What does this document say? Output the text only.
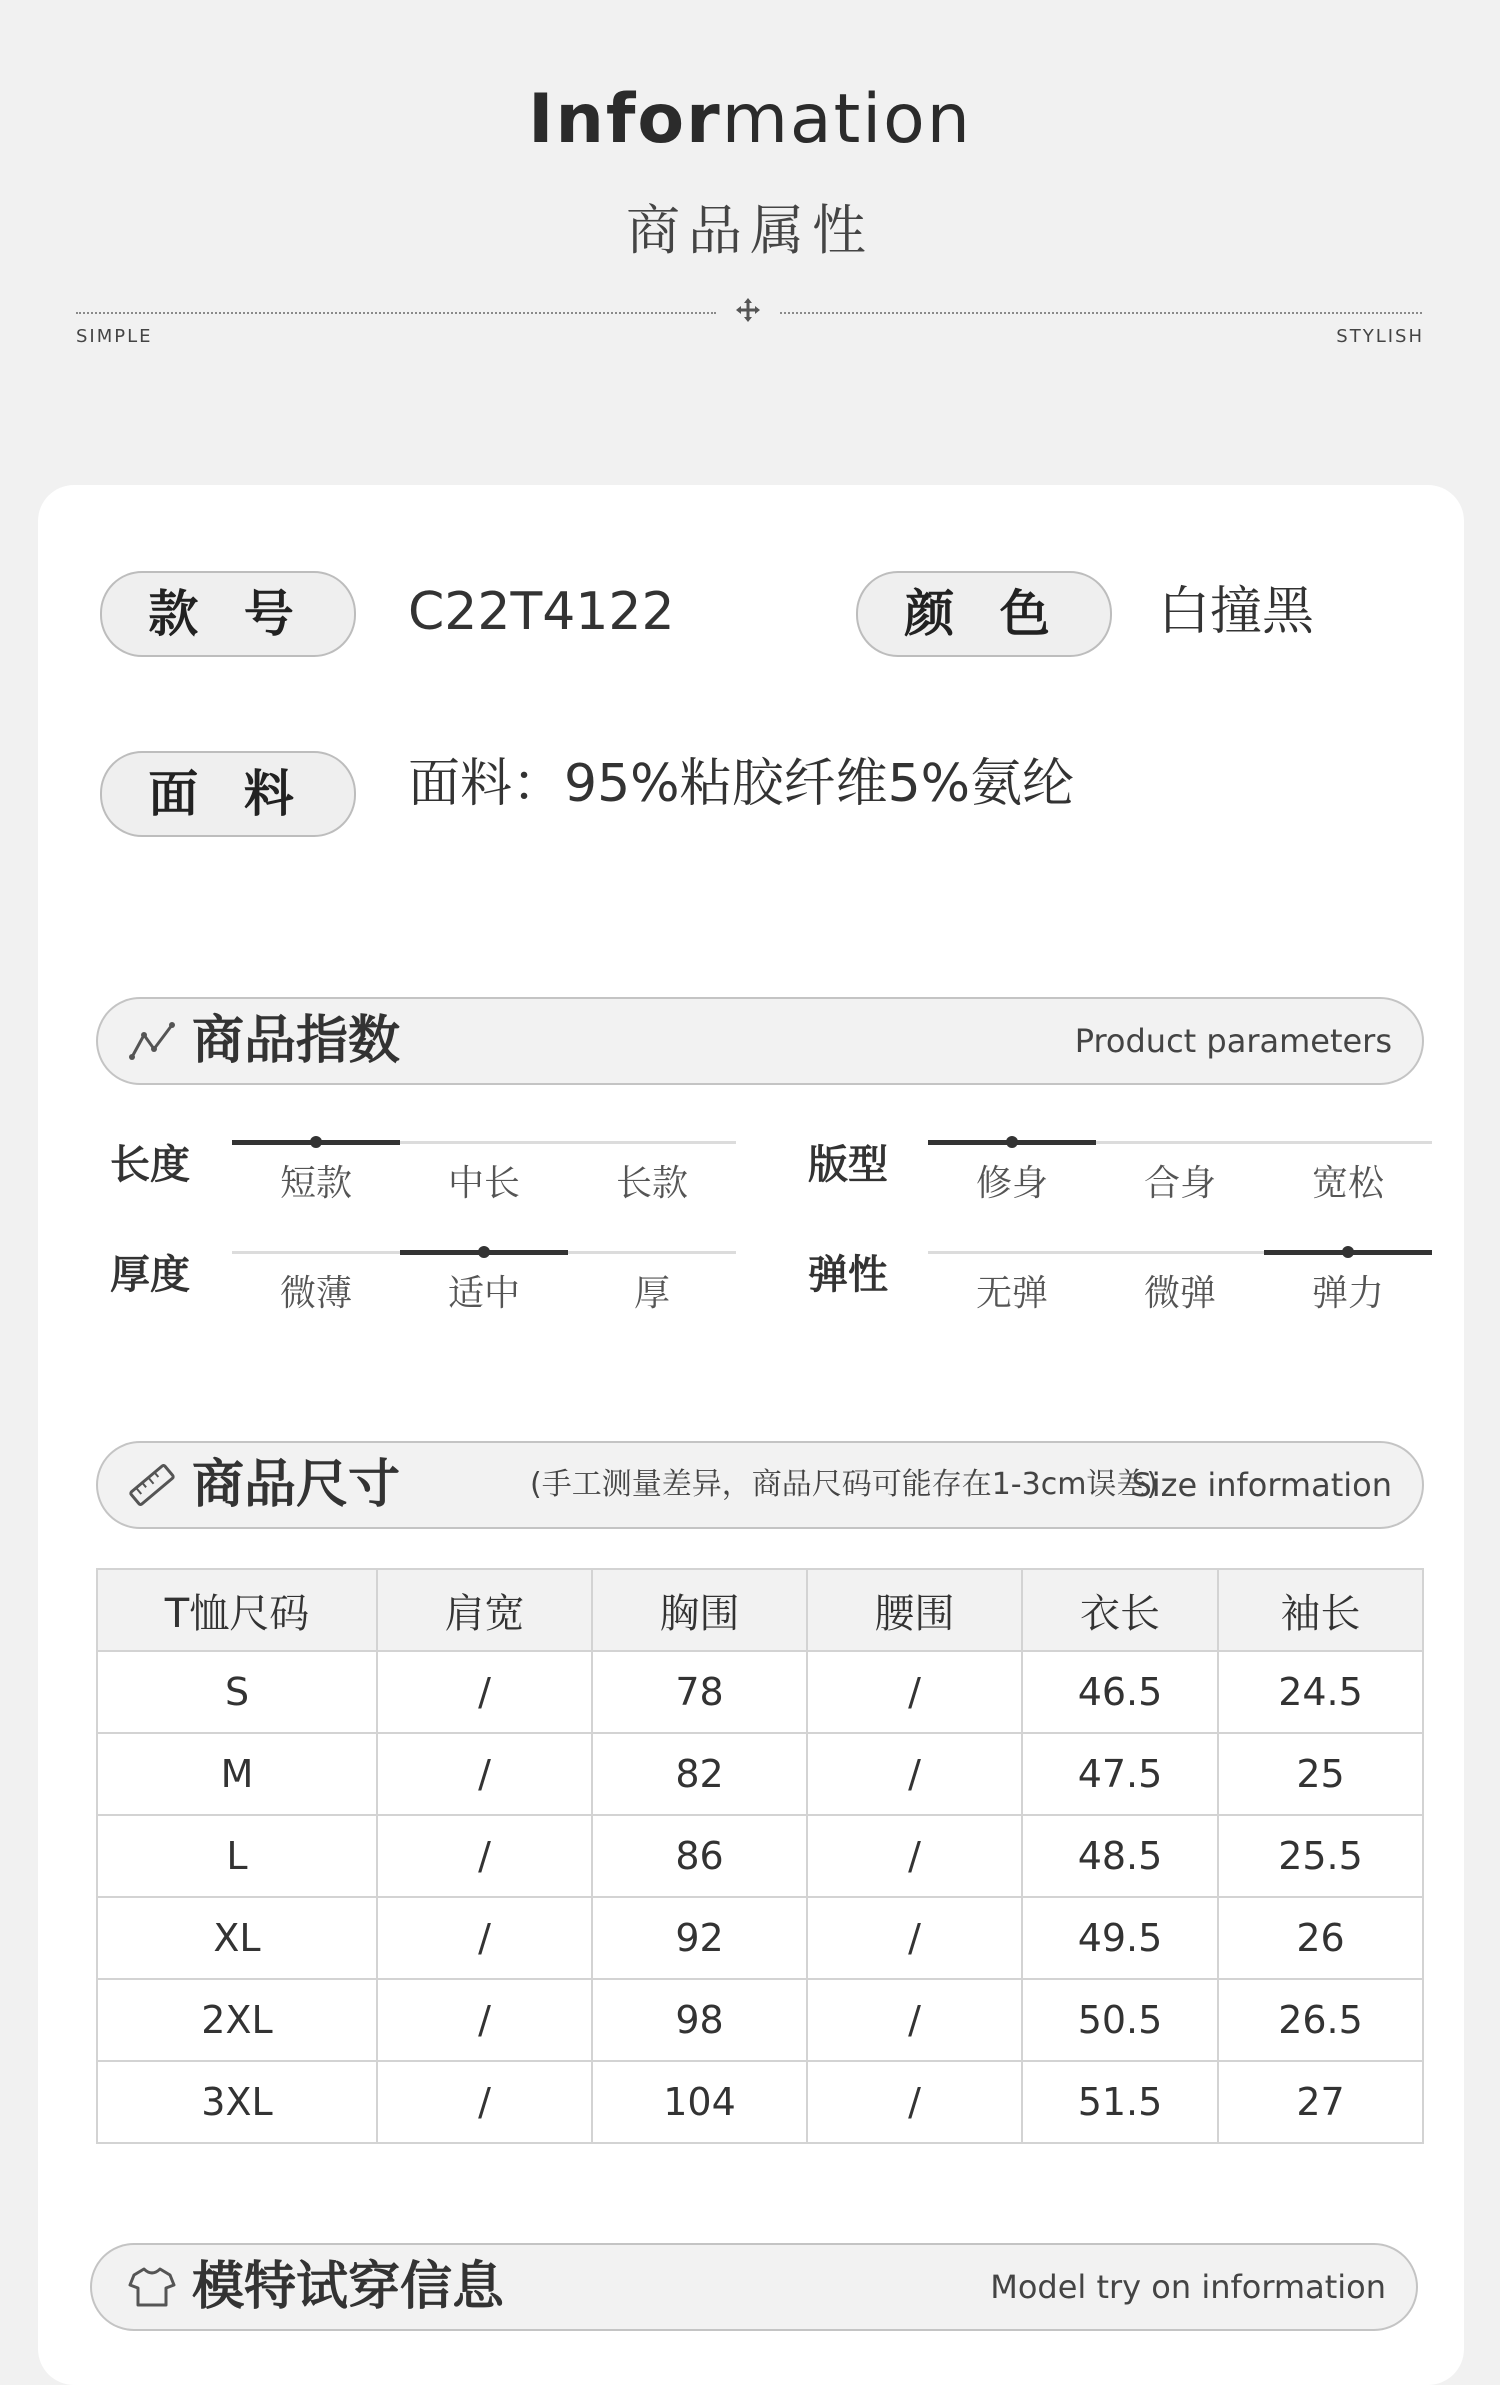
Information
商品属性
SIMPLE	STYLISH
款 号	C22T4122	颜 色	白撞黑
面 料	面料：95%粘胶纤维5%氨纶
商品指数	Product parameters
长度	短款	中长	长款	版型	修身	合身	宽松
厚度	微薄	适中	厚	弹性	无弹	微弹	弹力
商品尺寸	(手工测量差异，商品尺码可能存在1-3cm误差)
Size information
模特试穿信息	Model try on information
T恤尺码	肩宽	胸围	腰围	衣长	袖长
S	/	78	/	46.5	24.5
M	/	82	/	47.5	25
L	/	86	/	48.5	25.5
XL	/	92	/	49.5	26
2XL	/	98	/	50.5	26.5
3XL	/	104	/	51.5	27
